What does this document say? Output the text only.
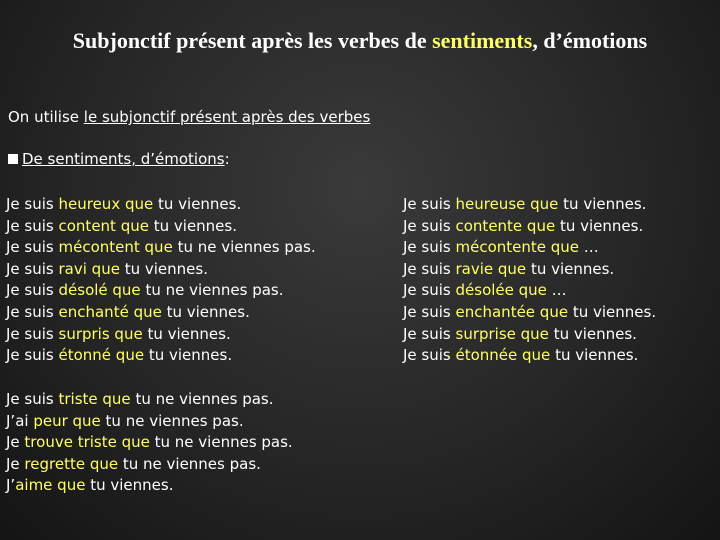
Subjonctif présent après les verbes de sentiments, d’émotions
On utilise le subjonctif présent après des verbes
De sentiments, d’émotions:
Je suis heureux que tu viennes.
Je suis content que tu viennes.
Je suis mécontent que tu ne viennes pas.
Je suis ravi que tu viennes.
Je suis désolé que tu ne viennes pas.
Je suis enchanté que tu viennes.
Je suis surpris que tu viennes.
Je suis étonné que tu viennes.
Je suis heureuse que tu viennes.
Je suis contente que tu viennes.
Je suis mécontente que …
Je suis ravie que tu viennes.
Je suis désolée que …
Je suis enchantée que tu viennes.
Je suis surprise que tu viennes.
Je suis étonnée que tu viennes.
Je suis triste que tu ne viennes pas.
J’ai peur que tu ne viennes pas.
Je trouve triste que tu ne viennes pas.
Je regrette que tu ne viennes pas.
J’aime que tu viennes.
